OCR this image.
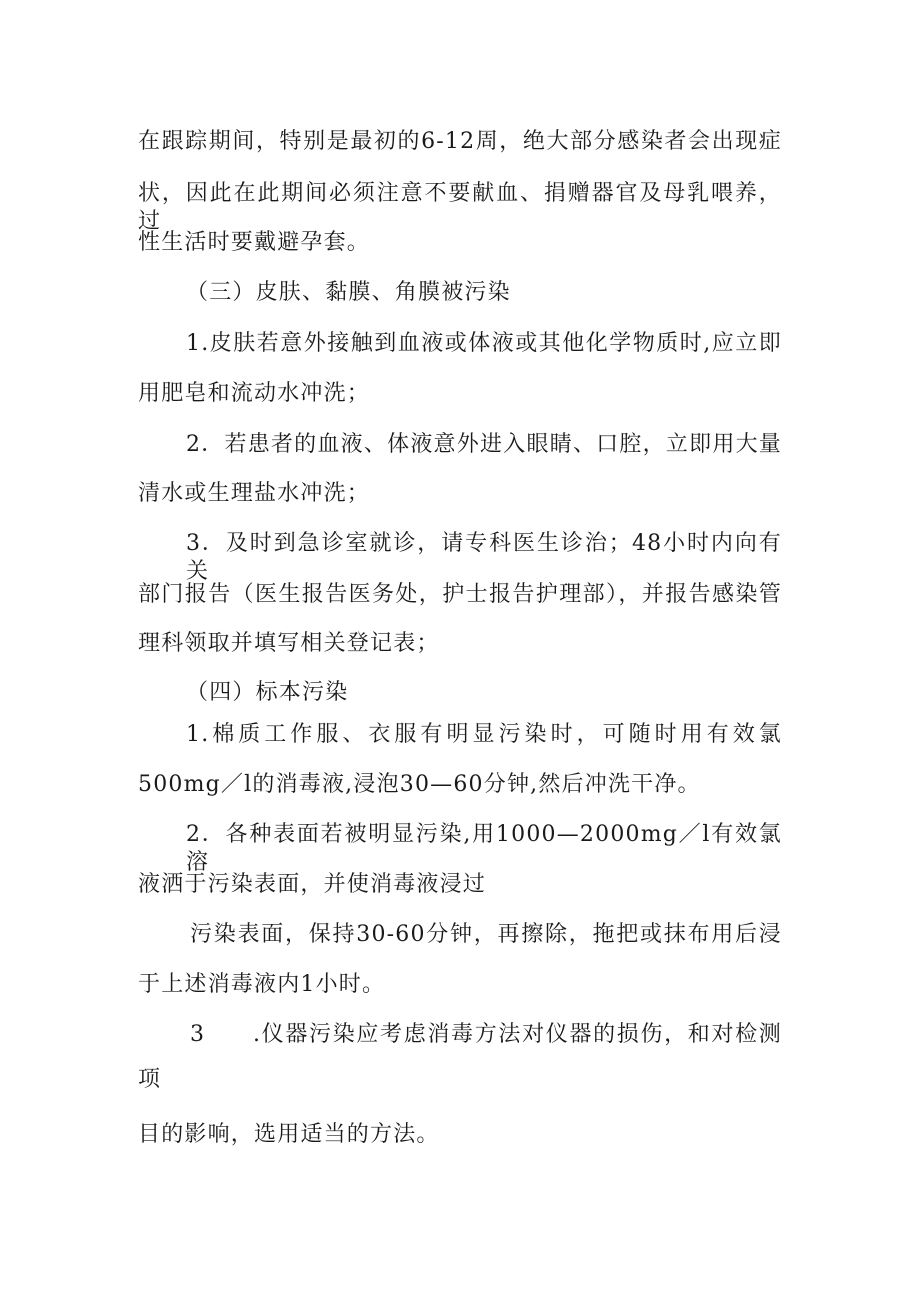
在跟踪期间，特别是最初的6-12周，绝大部分感染者会出现症

状，因此在此期间必须注意不要献血、捐赠器官及母乳喂养，过

性生活时要戴避孕套。

（三）皮肤、黏膜、角膜被污染

1.皮肤若意外接触到血液或体液或其他化学物质时,应立即

用肥皂和流动水冲洗；

2．若患者的血液、体液意外进入眼睛、口腔，立即用大量

清水或生理盐水冲洗；

3．及时到急诊室就诊，请专科医生诊治；48小时内向有关

部门报告（医生报告医务处，护士报告护理部），并报告感染管

理科领取并填写相关登记表；

（四）标本污染

1.棉质工作服、衣服有明显污染时，可随时用有效氯

500mg／l的消毒液,浸泡30—60分钟,然后冲洗干净。

2．各种表面若被明显污染,用1000—2000mg／l有效氯溶

液洒于污染表面，并使消毒液浸过

污染表面，保持30-60分钟，再擦除，拖把或抹布用后浸

于上述消毒液内1小时。

3　　.仪器污染应考虑消毒方法对仪器的损伤，和对检测

项

目的影响，选用适当的方法。
